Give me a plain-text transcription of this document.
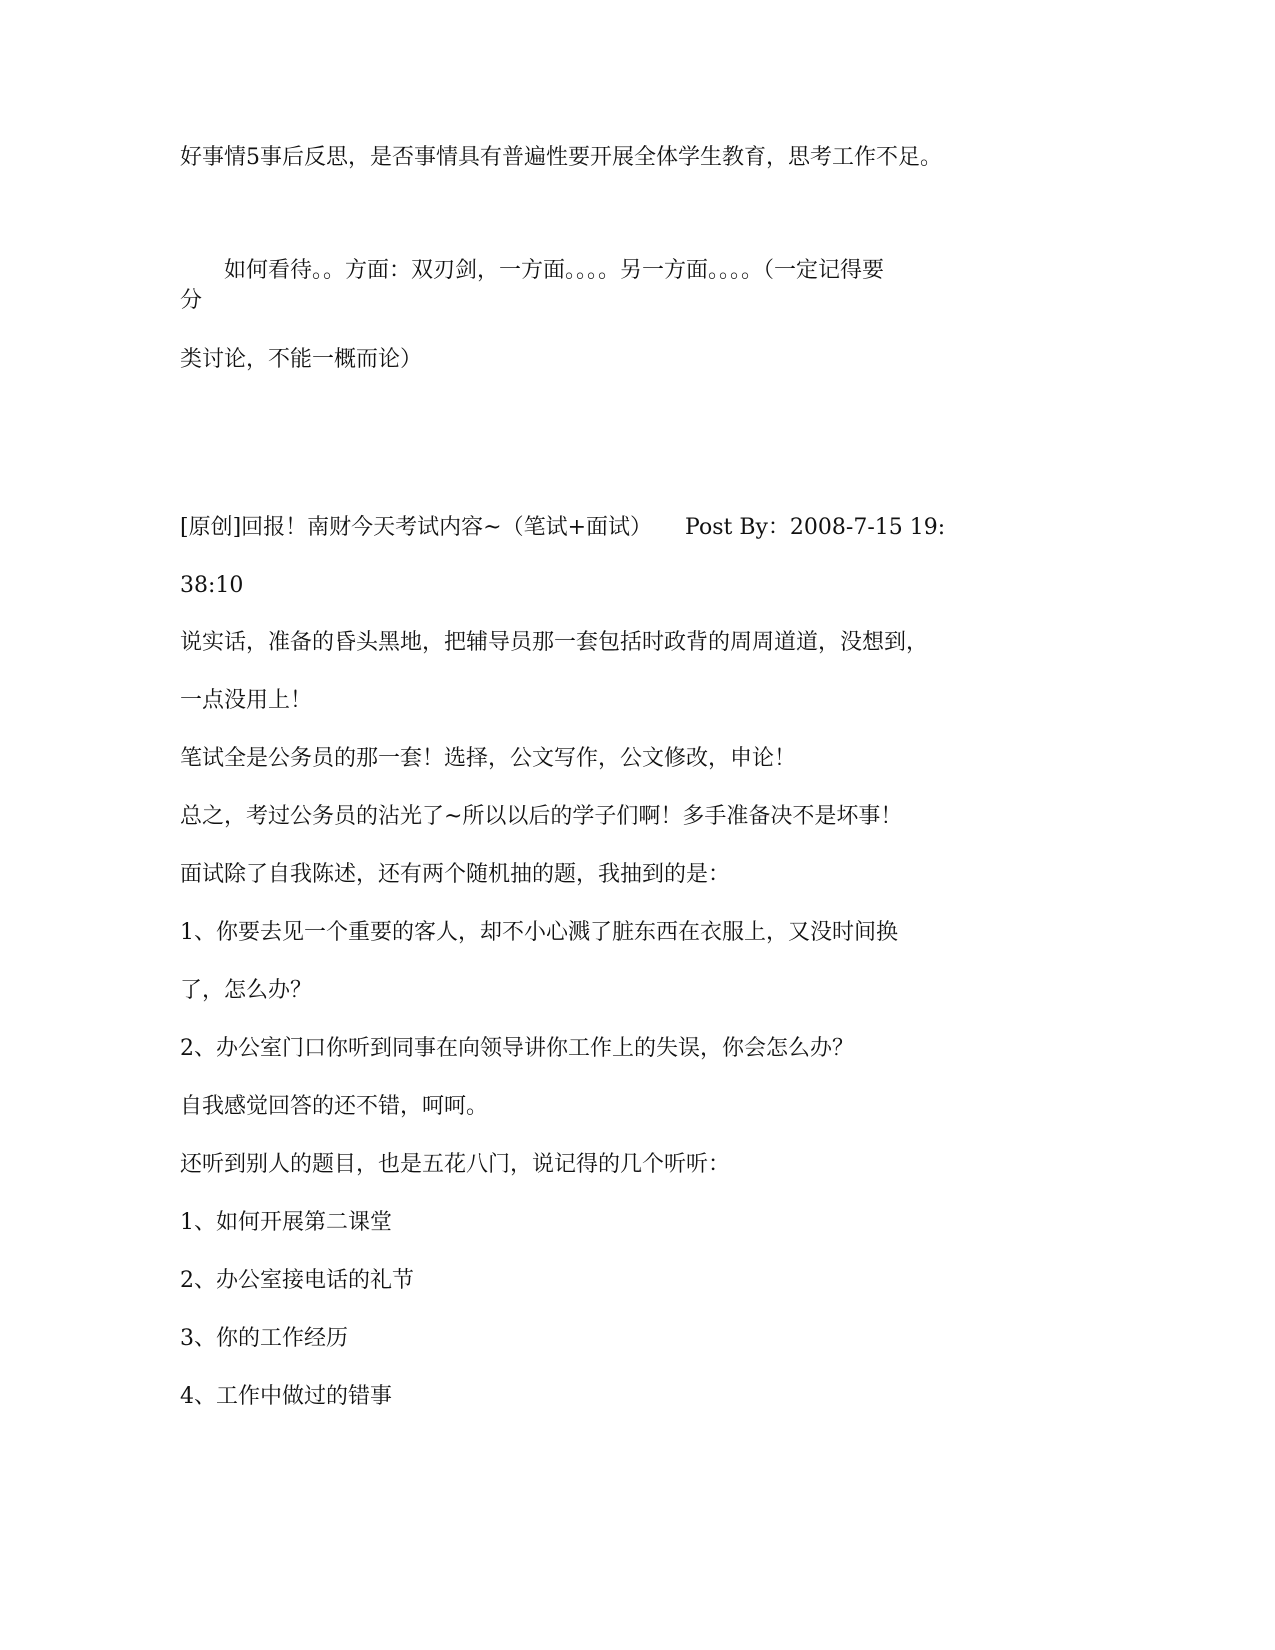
好事情5事后反思，是否事情具有普遍性要开展全体学生教育，思考工作不足。
　　如何看待。。方面：双刃剑，一方面。。。。另一方面。。。。（一定记得要
分
类讨论，不能一概而论）
[原创]回报！南财今天考试内容~（笔试+面试）　　Post By：2008-7-15 19:
38:10
说实话，准备的昏头黑地，把辅导员那一套包括时政背的周周道道，没想到，
一点没用上！
笔试全是公务员的那一套！选择，公文写作，公文修改，申论！
总之，考过公务员的沾光了~所以以后的学子们啊！多手准备决不是坏事！
面试除了自我陈述，还有两个随机抽的题，我抽到的是：
1、你要去见一个重要的客人，却不小心溅了脏东西在衣服上，又没时间换
了，怎么办？
2、办公室门口你听到同事在向领导讲你工作上的失误，你会怎么办？
自我感觉回答的还不错，呵呵。
还听到别人的题目，也是五花八门，说记得的几个听听：
1、如何开展第二课堂
2、办公室接电话的礼节
3、你的工作经历
4、工作中做过的错事
